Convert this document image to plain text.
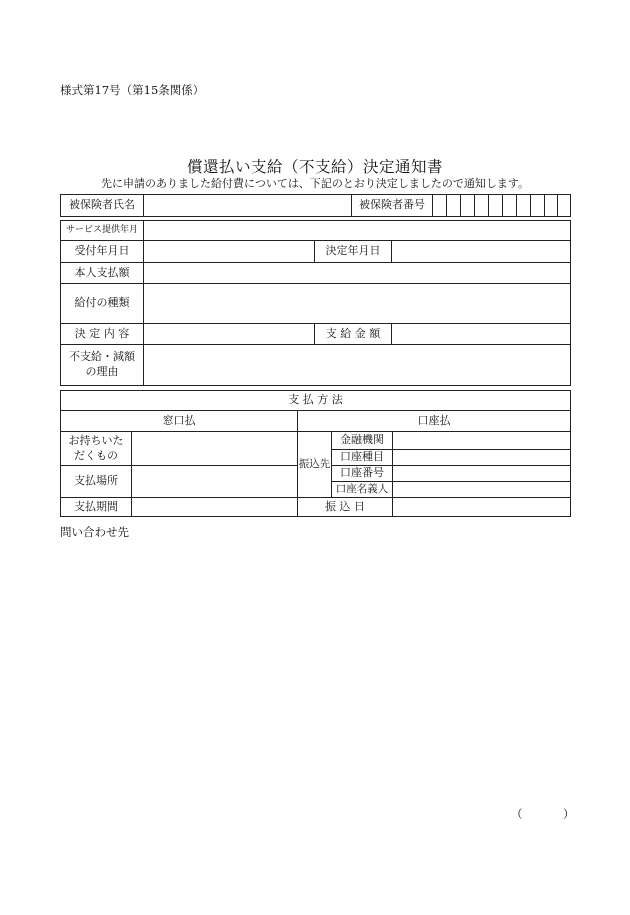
様式第17号（第15条関係）
償還払い支給（不支給）決定通知書
先に申請のありました給付費については、下記のとおり決定しましたので通知します。
被保険者氏名		被保険者番号										
サービス提供年月			
受付年月日		決定年月日	
本人支払額			
給付の種類			
決 定 内 容		支 給 金 額	
不支給・減額
の理由			
支 払 方 法				
窓口払		口座払		
お持ちいた
だくもの		振込先	金融機関	
			口座種目	
支払場所			口座番号	
			口座名義人	
支払期間		振 込 日		
問い合わせ先
（	）
